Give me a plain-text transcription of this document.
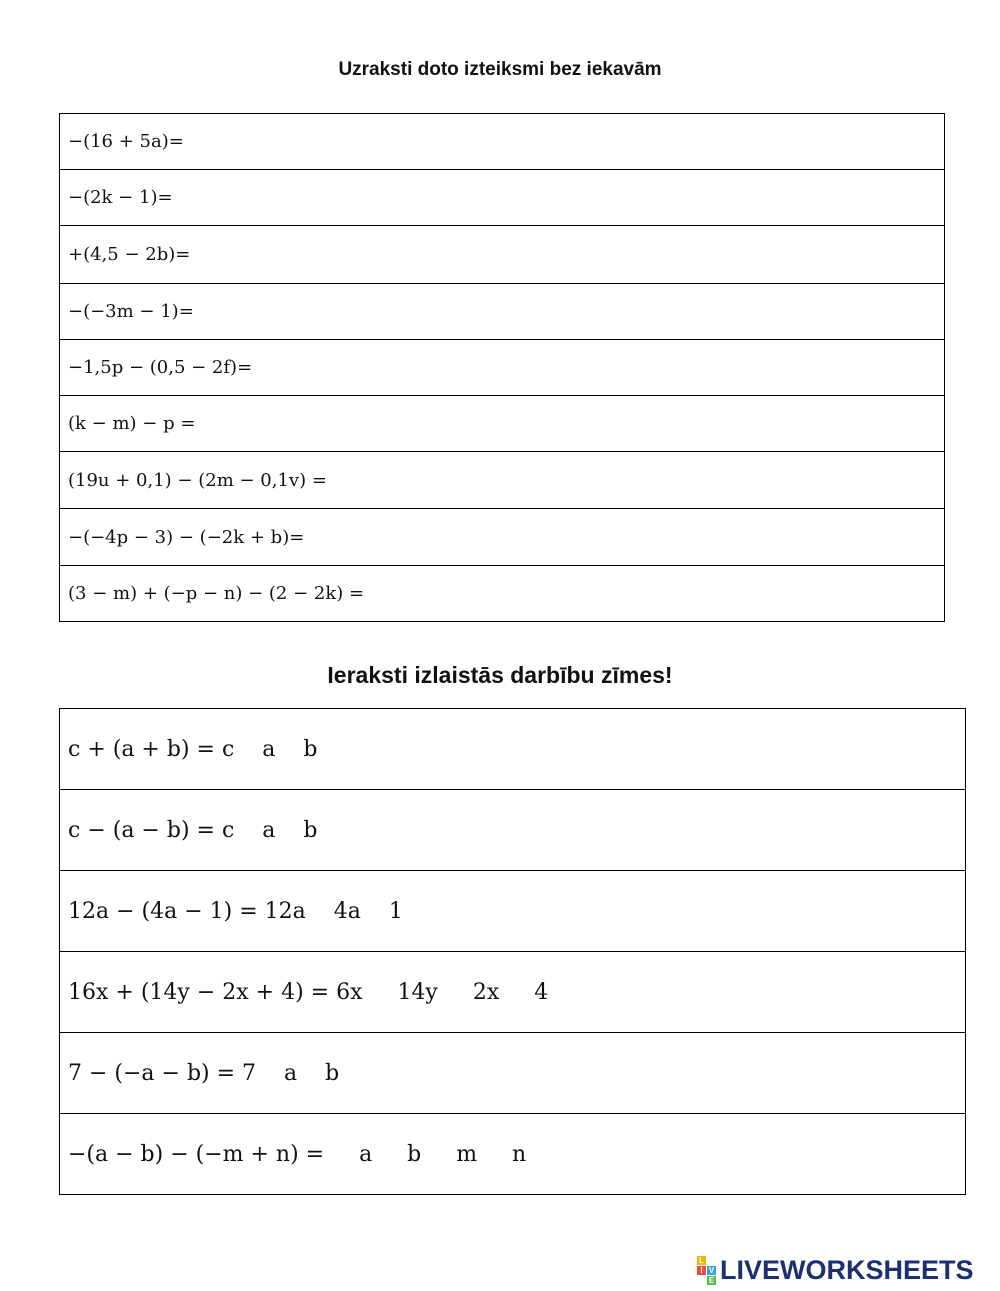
Uzraksti doto izteiksmi bez iekavām
−(16 + 5a)=
−(2k − 1)=
+(4,5 − 2b)=
−(−3m − 1)=
−1,5p − (0,5 − 2f)=
(k − m) − p =
(19u + 0,1) − (2m − 0,1v) =
−(−4p − 3) − (−2k + b)=
(3 − m) + (−p − n) − (2 − 2k) =
Ieraksti izlaistās darbību zīmes!
c + (a + b) = c    a    b
c − (a − b) = c    a    b
12a − (4a − 1) = 12a    4a    1
16x + (14y − 2x + 4) = 6x     14y     2x     4
7 − (−a − b) = 7    a    b
−(a − b) − (−m + n) =     a     b     m     n
L
I V
E LIVEWORKSHEETS
